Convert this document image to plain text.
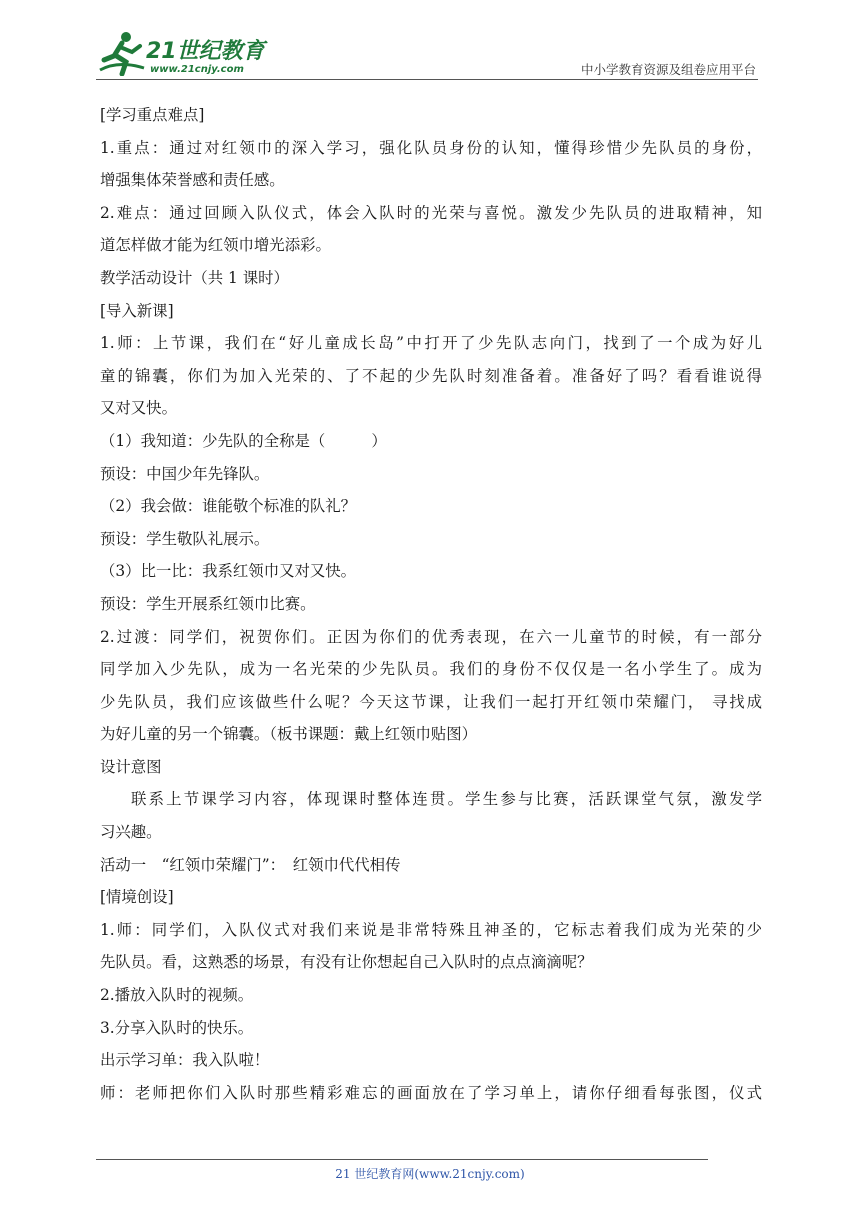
21世纪教育
www.21cnjy.com	中小学教育资源及组卷应用平台
[学习重点难点]
1.重点：通过对红领巾的深入学习，强化队员身份的认知，懂得珍惜少先队员的身份，
增强集体荣誉感和责任感。
2.难点：通过回顾入队仪式，体会入队时的光荣与喜悦。激发少先队员的进取精神，知
道怎样做才能为红领巾增光添彩。
教学活动设计（共 1 课时）
[导入新课]
1.师：上节课，我们在“好儿童成长岛”中打开了少先队志向门，找到了一个成为好儿
童的锦囊，你们为加入光荣的、了不起的少先队时刻准备着。准备好了吗？看看谁说得
又对又快。
（1）我知道：少先队的全称是（　　　）
预设：中国少年先锋队。
（2）我会做：谁能敬个标准的队礼？
预设：学生敬队礼展示。
（3）比一比：我系红领巾又对又快。
预设：学生开展系红领巾比赛。
2.过渡：同学们，祝贺你们。正因为你们的优秀表现，在六一儿童节的时候，有一部分
同学加入少先队，成为一名光荣的少先队员。我们的身份不仅仅是一名小学生了。成为
少先队员，我们应该做些什么呢？今天这节课，让我们一起打开红领巾荣耀门， 寻找成
为好儿童的另一个锦囊。（板书课题：戴上红领巾贴图）
设计意图
联系上节课学习内容，体现课时整体连贯。学生参与比赛，活跃课堂气氛，激发学
习兴趣。
活动一　“红领巾荣耀门”：　红领巾代代相传
[情境创设]
1.师：同学们，入队仪式对我们来说是非常特殊且神圣的，它标志着我们成为光荣的少
先队员。看，这熟悉的场景，有没有让你想起自己入队时的点点滴滴呢？
2.播放入队时的视频。
3.分享入队时的快乐。
出示学习单：我入队啦！
师：老师把你们入队时那些精彩难忘的画面放在了学习单上，请你仔细看每张图，仪式
21 世纪教育网(www.21cnjy.com)
